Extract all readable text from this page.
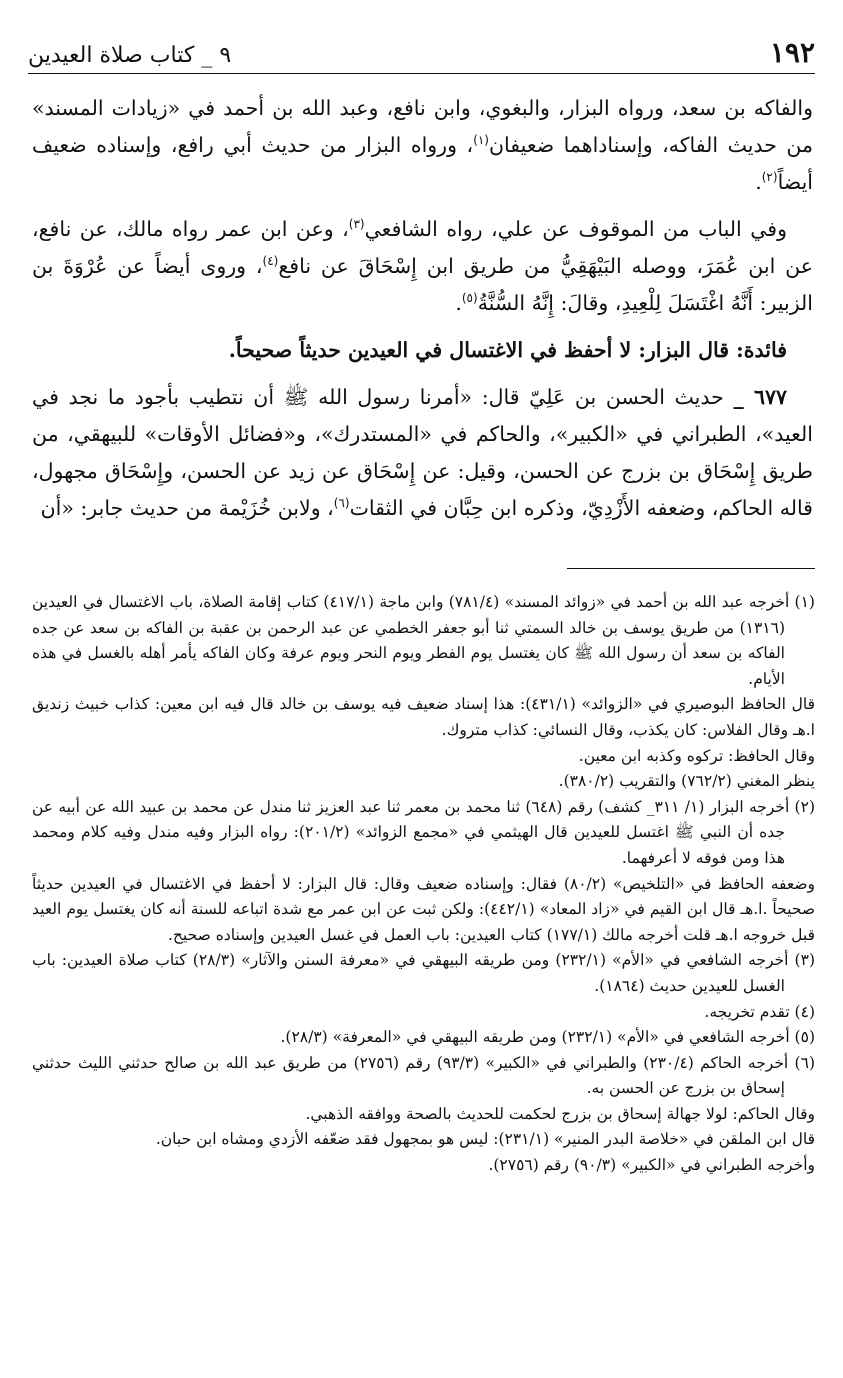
١٩٢
٩ _ كتاب صلاة العيدين

والفاكه بن سعد، ورواه البزار، والبغوي، وابن نافع، وعبد الله بن أحمد في «زيادات المسند» من حديث الفاكه، وإسناداهما ضعيفان$^{(١)}$، ورواه البزار من حديث أبي رافع، وإسناده ضعيف أيضاً$^{(٢)}$.

وفي الباب من الموقوف عن علي، رواه الشافعي$^{(٣)}$، وعن ابن عمر رواه مالك، عن نافع، عن ابن عُمَرَ، ووصله البَيْهَقِيُّ من طريق ابن إِسْحَاقَ عن نافع$^{(٤)}$، وروى أيضاً عن عُرْوَةَ بن الزبير: أَنَّهُ اغْتَسَلَ لِلْعِيدِ، وقالَ: إِنَّهُ السُّنَّةُ$^{(٥)}$.

فائدة: قال البزار: لا أحفظ في الاغتسال في العيدين حديثاً صحيحاً.

٦٧٧ _ حديث الحسن بن عَلِيّ قال: «أمرنا رسول الله ﷺ أن نتطيب بأجود ما نجد في العيد»، الطبراني في «الكبير»، والحاكم في «المستدرك»، و«فضائل الأوقات» للبيهقي، من طريق إِسْحَاق بن بزرج عن الحسن، وقيل: عن إِسْحَاق عن زيد عن الحسن، وإِسْحَاق مجهول، قاله الحاكم، وضعفه الأَزْدِيّ، وذكره ابن حِبَّان في الثقات$^{(٦)}$، ولابن خُزَيْمة من حديث جابر: «أن

(١) أخرجه عبد الله بن أحمد في «زوائد المسند» (٧٨١/٤) وابن ماجة (٤١٧/١) كتاب إقامة الصلاة، باب الاغتسال في العيدين (١٣١٦) من طريق يوسف بن خالد السمتي ثنا أبو جعفر الخطمي عن عبد الرحمن بن عقبة بن الفاكه بن سعد عن جده الفاكه بن سعد أن رسول الله ﷺ كان يغتسل يوم الفطر ويوم النحر ويوم عرفة وكان الفاكه يأمر أهله بالغسل في هذه الأيام.

قال الحافظ البوصيري في «الزوائد» (٤٣١/١): هذا إسناد ضعيف فيه يوسف بن خالد قال فيه ابن معين: كذاب خبيث زنديق ا.هـ وقال الفلاس: كان يكذب، وقال النسائي: كذاب متروك.

وقال الحافظ: تركوه وكذبه ابن معين.

ينظر المغني (٧٦٢/٢) والتقريب (٣٨٠/٢).

(٢) أخرجه البزار (١/ ٣١١_ كشف) رقم (٦٤٨) ثنا محمد بن معمر ثنا عبد العزيز ثنا مندل عن محمد بن عبيد الله عن أبيه عن جده أن النبي ﷺ اغتسل للعيدين قال الهيثمي في «مجمع الزوائد» (٢٠١/٢): رواه البزار وفيه مندل وفيه كلام ومحمد هذا ومن فوقه لا أعرفهما.

وضعفه الحافظ في «التلخيص» (٨٠/٢) فقال: وإسناده ضعيف وقال: قال البزار: لا أحفظ في الاغتسال في العيدين حديثاً صحيحاً .ا.هـ قال ابن القيم في «زاد المعاد» (٤٤٢/١): ولكن ثبت عن ابن عمر مع شدة اتباعه للسنة أنه كان يغتسل يوم العيد قبل خروجه ا.هـ قلت أخرجه مالك (١٧٧/١) كتاب العيدين: باب العمل في غسل العيدين وإسناده صحيح.

(٣) أخرجه الشافعي في «الأم» (٢٣٢/١) ومن طريقه البيهقي في «معرفة السنن والآثار» (٢٨/٣) كتاب صلاة العيدين: باب الغسل للعيدين حديث (١٨٦٤).

(٤) تقدم تخريجه.

(٥) أخرجه الشافعي في «الأم» (٢٣٢/١) ومن طريقه البيهقي في «المعرفة» (٢٨/٣).

(٦) أخرجه الحاكم (٢٣٠/٤) والطبراني في «الكبير» (٩٣/٣) رقم (٢٧٥٦) من طريق عبد الله بن صالح حدثني الليث حدثني إسحاق بن بزرج عن الحسن به.

وقال الحاكم: لولا جهالة إسحاق بن بزرج لحكمت للحديث بالصحة ووافقه الذهبي.

قال ابن الملقن في «خلاصة البدر المنير» (٢٣١/١): ليس هو بمجهول فقد ضعّفه الأزدي ومشاه ابن حبان.

وأخرجه الطبراني في «الكبير» (٩٠/٣) رقم (٢٧٥٦).
